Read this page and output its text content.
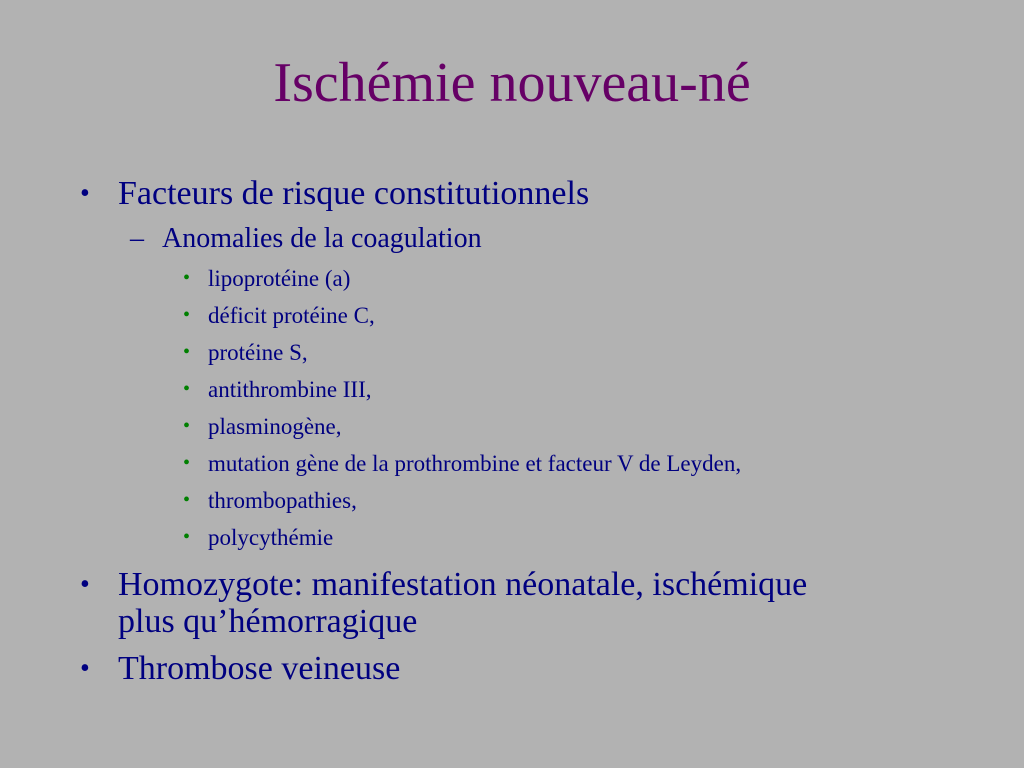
Ischémie nouveau-né
• Facteurs de risque constitutionnels
– Anomalies de la coagulation
• lipoprotéine (a)
• déficit protéine C,
• protéine S,
• antithrombine III,
• plasminogène,
• mutation gène de la prothrombine et facteur V de Leyden,
• thrombopathies,
• polycythémie
• Homozygote: manifestation néonatale, ischémique
plus qu’hémorragique
• Thrombose veineuse
